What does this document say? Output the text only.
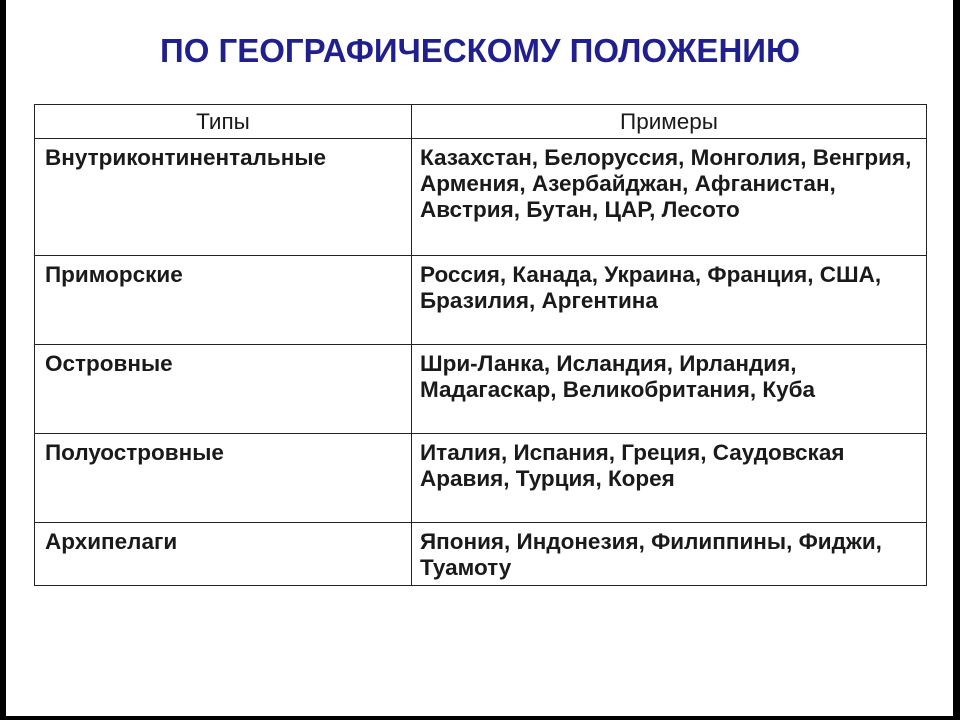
ПО ГЕОГРАФИЧЕСКОМУ ПОЛОЖЕНИЮ
Типы	Примеры
Внутриконтинентальные	Казахстан, Белоруссия, Монголия, Венгрия, Армения, Азербайджан, Афганистан, Австрия, Бутан, ЦАР, Лесото
Приморские	Россия, Канада, Украина, Франция, США, Бразилия, Аргентина
Островные	Шри-Ланка, Исландия, Ирландия, Мадагаскар, Великобритания, Куба
Полуостровные	Италия, Испания, Греция, Саудовская Аравия, Турция, Корея
Архипелаги	Япония, Индонезия, Филиппины, Фиджи, Туамоту
